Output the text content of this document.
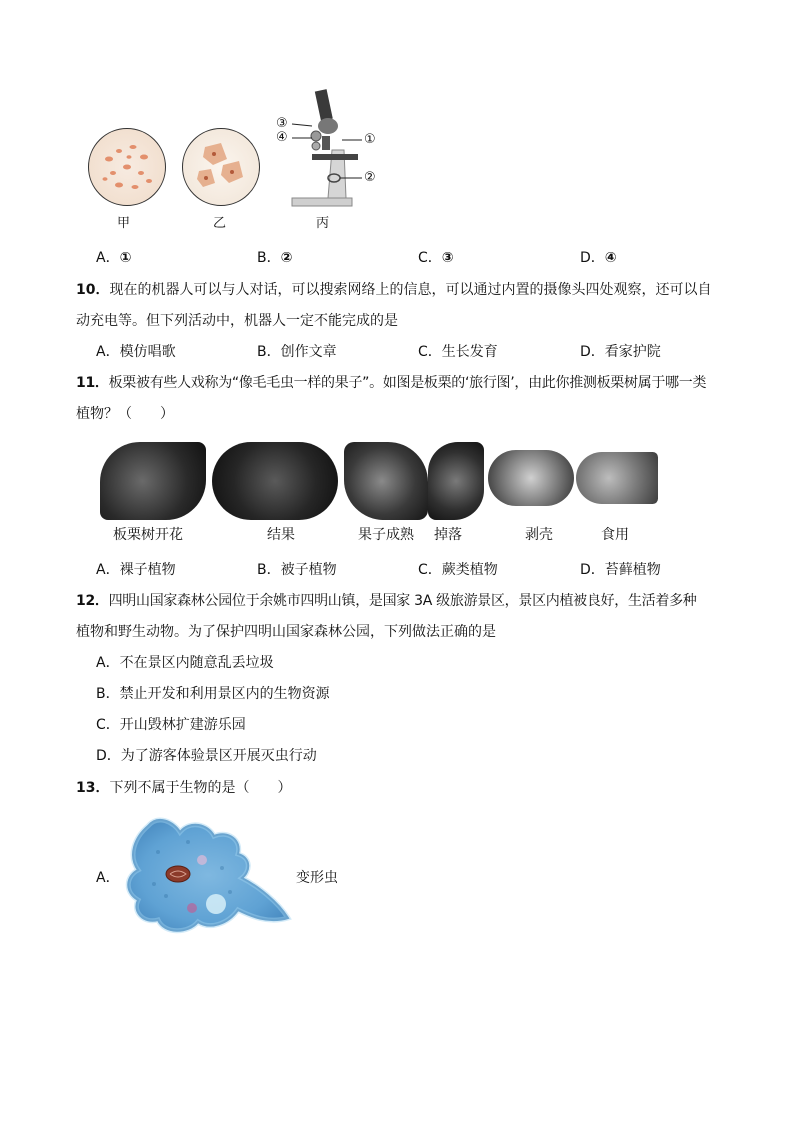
③
④	①
②
甲	乙	丙
A．①	B．②	C．③	D．④
10．现在的机器人可以与人对话，可以搜索网络上的信息，可以通过内置的摄像头四处观察，还可以自
动充电等。但下列活动中，机器人一定不能完成的是
A．模仿唱歌	B．创作文章	C．生长发育	D．看家护院
11．板栗被有些人戏称为“像毛毛虫一样的果子”。如图是板栗的‘旅行图’，由此你推测板栗树属于哪一类
植物？（　　）
板栗树开花	结果	果子成熟 掉落	剥壳	食用
A．裸子植物	B．被子植物	C．蕨类植物	D．苔藓植物
12．四明山国家森林公园位于余姚市四明山镇，是国家 3A 级旅游景区，景区内植被良好，生活着多种
植物和野生动物。为了保护四明山国家森林公园，下列做法正确的是
A．不在景区内随意乱丢垃圾
B．禁止开发和利用景区内的生物资源
C．开山毁林扩建游乐园
D．为了游客体验景区开展灭虫行动
13．下列不属于生物的是（　　）
A．	变形虫
